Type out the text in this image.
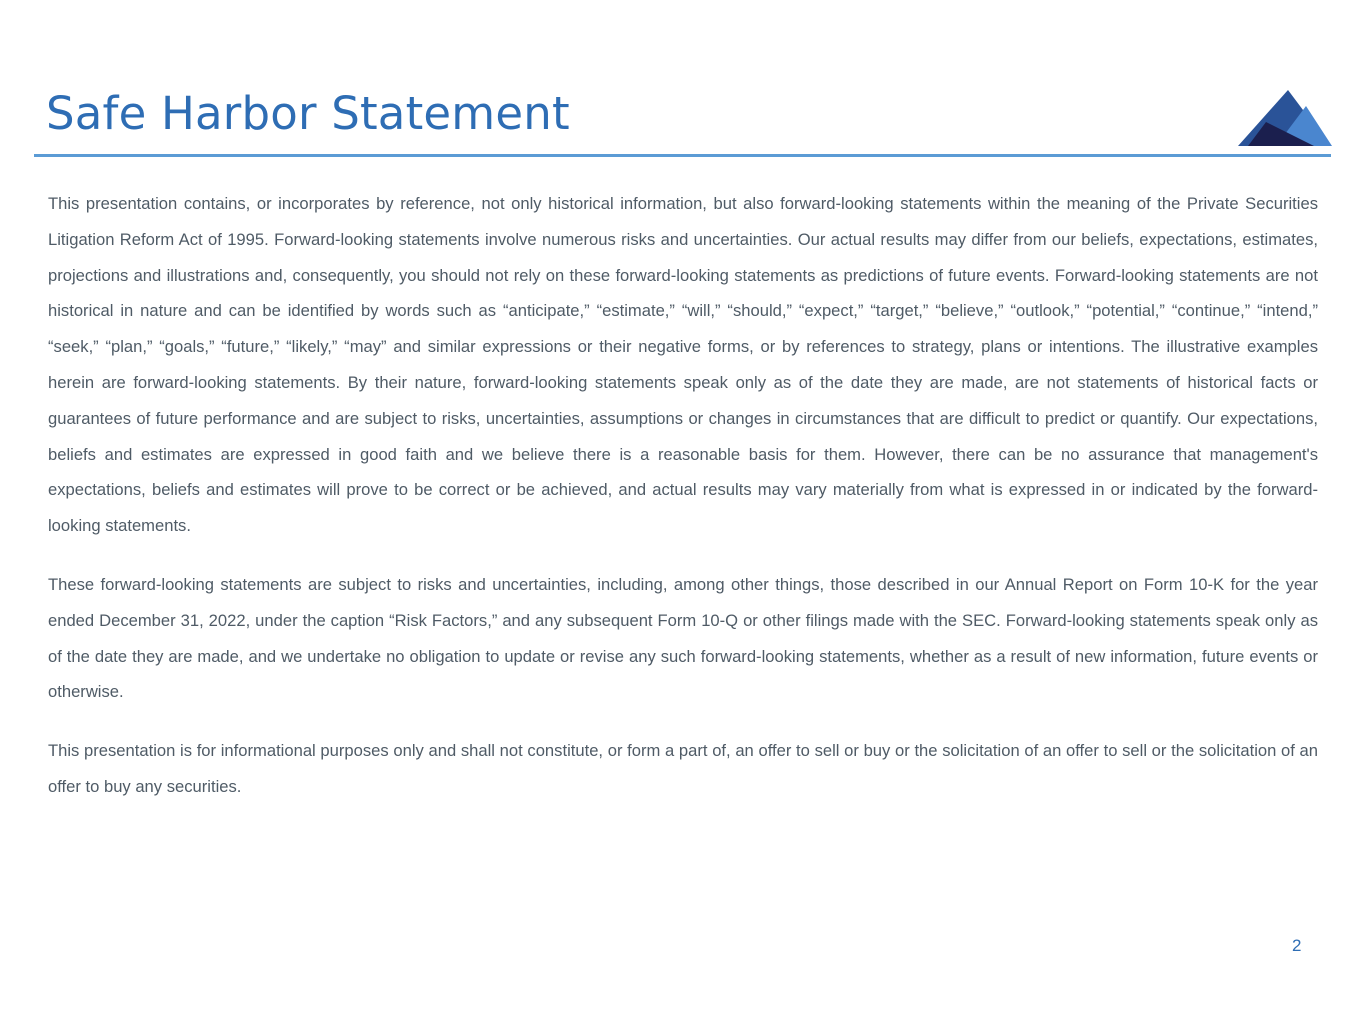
Safe Harbor Statement

This presentation contains, or incorporates by reference, not only historical information, but also forward-looking statements within the meaning of the Private Securities Litigation Reform Act of 1995. Forward-looking statements involve numerous risks and uncertainties. Our actual results may differ from our beliefs, expectations, estimates, projections and illustrations and, consequently, you should not rely on these forward-looking statements as predictions of future events. Forward-looking statements are not historical in nature and can be identified by words such as “anticipate,” “estimate,” “will,” “should,” “expect,” “target,” “believe,” “outlook,” “potential,” “continue,” “intend,” “seek,” “plan,” “goals,” “future,” “likely,” “may” and similar expressions or their negative forms, or by references to strategy, plans or intentions. The illustrative examples herein are forward-looking statements. By their nature, forward-looking statements speak only as of the date they are made, are not statements of historical facts or guarantees of future performance and are subject to risks, uncertainties, assumptions or changes in circumstances that are difficult to predict or quantify. Our expectations, beliefs and estimates are expressed in good faith and we believe there is a reasonable basis for them. However, there can be no assurance that management's expectations, beliefs and estimates will prove to be correct or be achieved, and actual results may vary materially from what is expressed in or indicated by the forward-looking statements.

These forward-looking statements are subject to risks and uncertainties, including, among other things, those described in our Annual Report on Form 10-K for the year ended December 31, 2022, under the caption “Risk Factors,” and any subsequent Form 10-Q or other filings made with the SEC. Forward-looking statements speak only as of the date they are made, and we undertake no obligation to update or revise any such forward-looking statements, whether as a result of new information, future events or otherwise.

This presentation is for informational purposes only and shall not constitute, or form a part of, an offer to sell or buy or the solicitation of an offer to sell or the solicitation of an offer to buy any securities.

2
